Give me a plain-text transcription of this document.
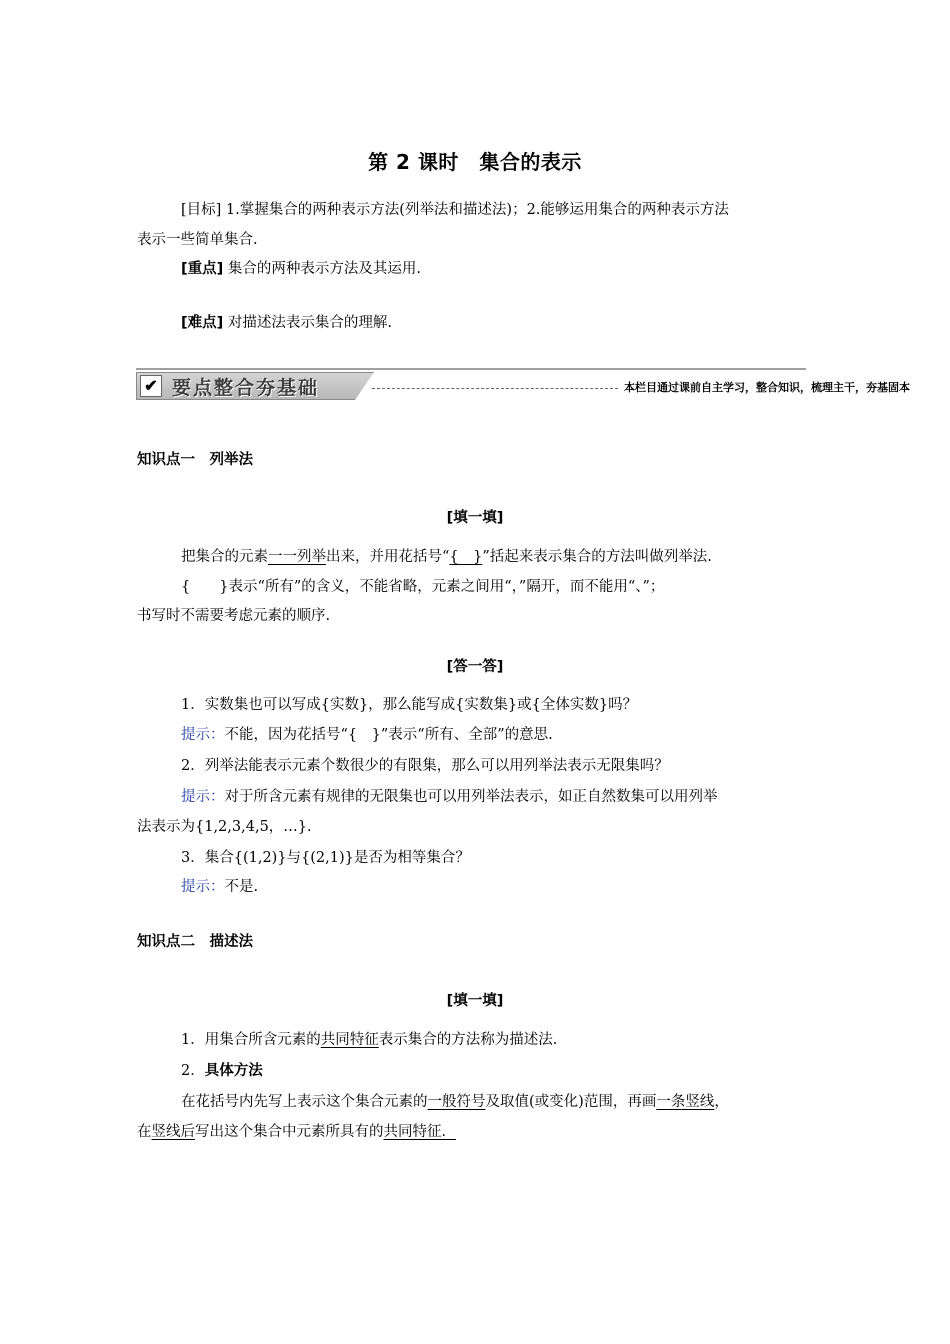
第 2 课时　集合的表示
[目标] 1.掌握集合的两种表示方法(列举法和描述法)；2.能够运用集合的两种表示方法
表示一些简单集合.
[重点] 集合的两种表示方法及其运用.
[难点] 对描述法表示集合的理解.
✔ 要点整合夯基础	本栏目通过课前自主学习，整合知识，梳理主干，夯基固本
知识点一　列举法
[填一填]
把集合的元素一一列举出来，并用花括号“{　}”括起来表示集合的方法叫做列举法.
{　　}表示“所有”的含义，不能省略，元素之间用“，”隔开，而不能用“、”；
书写时不需要考虑元素的顺序.
[答一答]
1．实数集也可以写成{实数}，那么能写成{实数集}或{全体实数}吗？
提示：不能，因为花括号“{　}”表示“所有、全部”的意思.
2．列举法能表示元素个数很少的有限集，那么可以用列举法表示无限集吗？
提示：对于所含元素有规律的无限集也可以用列举法表示，如正自然数集可以用列举
法表示为{1,2,3,4,5，…}.
3．集合{(1,2)}与{(2,1)}是否为相等集合？
提示：不是.
知识点二　描述法
[填一填]
1．用集合所含元素的共同特征表示集合的方法称为描述法.
2．具体方法
在花括号内先写上表示这个集合元素的一般符号及取值(或变化)范围，再画一条竖线，
在竖线后写出这个集合中元素所具有的共同特征．
